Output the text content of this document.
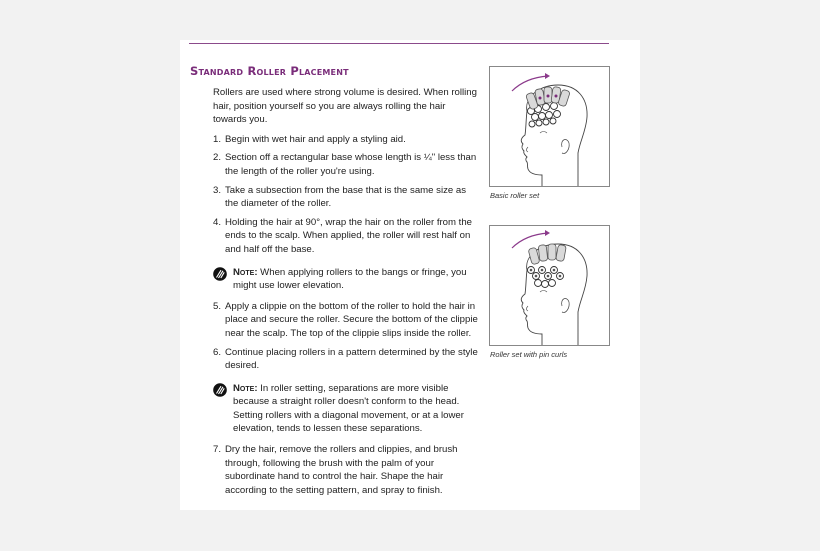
Standard Roller Placement

Rollers are used where strong volume is desired. When rolling hair, position yourself so you are always rolling the hair towards you.

1. Begin with wet hair and apply a styling aid.
2. Section off a rectangular base whose length is ¼" less than the length of the roller you're using.
3. Take a subsection from the base that is the same size as the diameter of the roller.
4. Holding the hair at 90°, wrap the hair on the roller from the ends to the scalp. When applied, the roller will rest half on and half off the base.
Note: When applying rollers to the bangs or fringe, you might use lower elevation.
5. Apply a clippie on the bottom of the roller to hold the hair in place and secure the roller. Secure the bottom of the clippie near the scalp. The top of the clippie slips inside the roller.
6. Continue placing rollers in a pattern determined by the style desired.
Note: In roller setting, separations are more visible because a straight roller doesn't conform to the head. Setting rollers with a diagonal movement, or at a lower elevation, tends to lessen these separations.
7. Dry the hair, remove the rollers and clippies, and brush through, following the brush with the palm of your subordinate hand to control the hair. Shape the hair according to the setting pattern, and spray to finish.
Basic roller set
Roller set with pin curls
